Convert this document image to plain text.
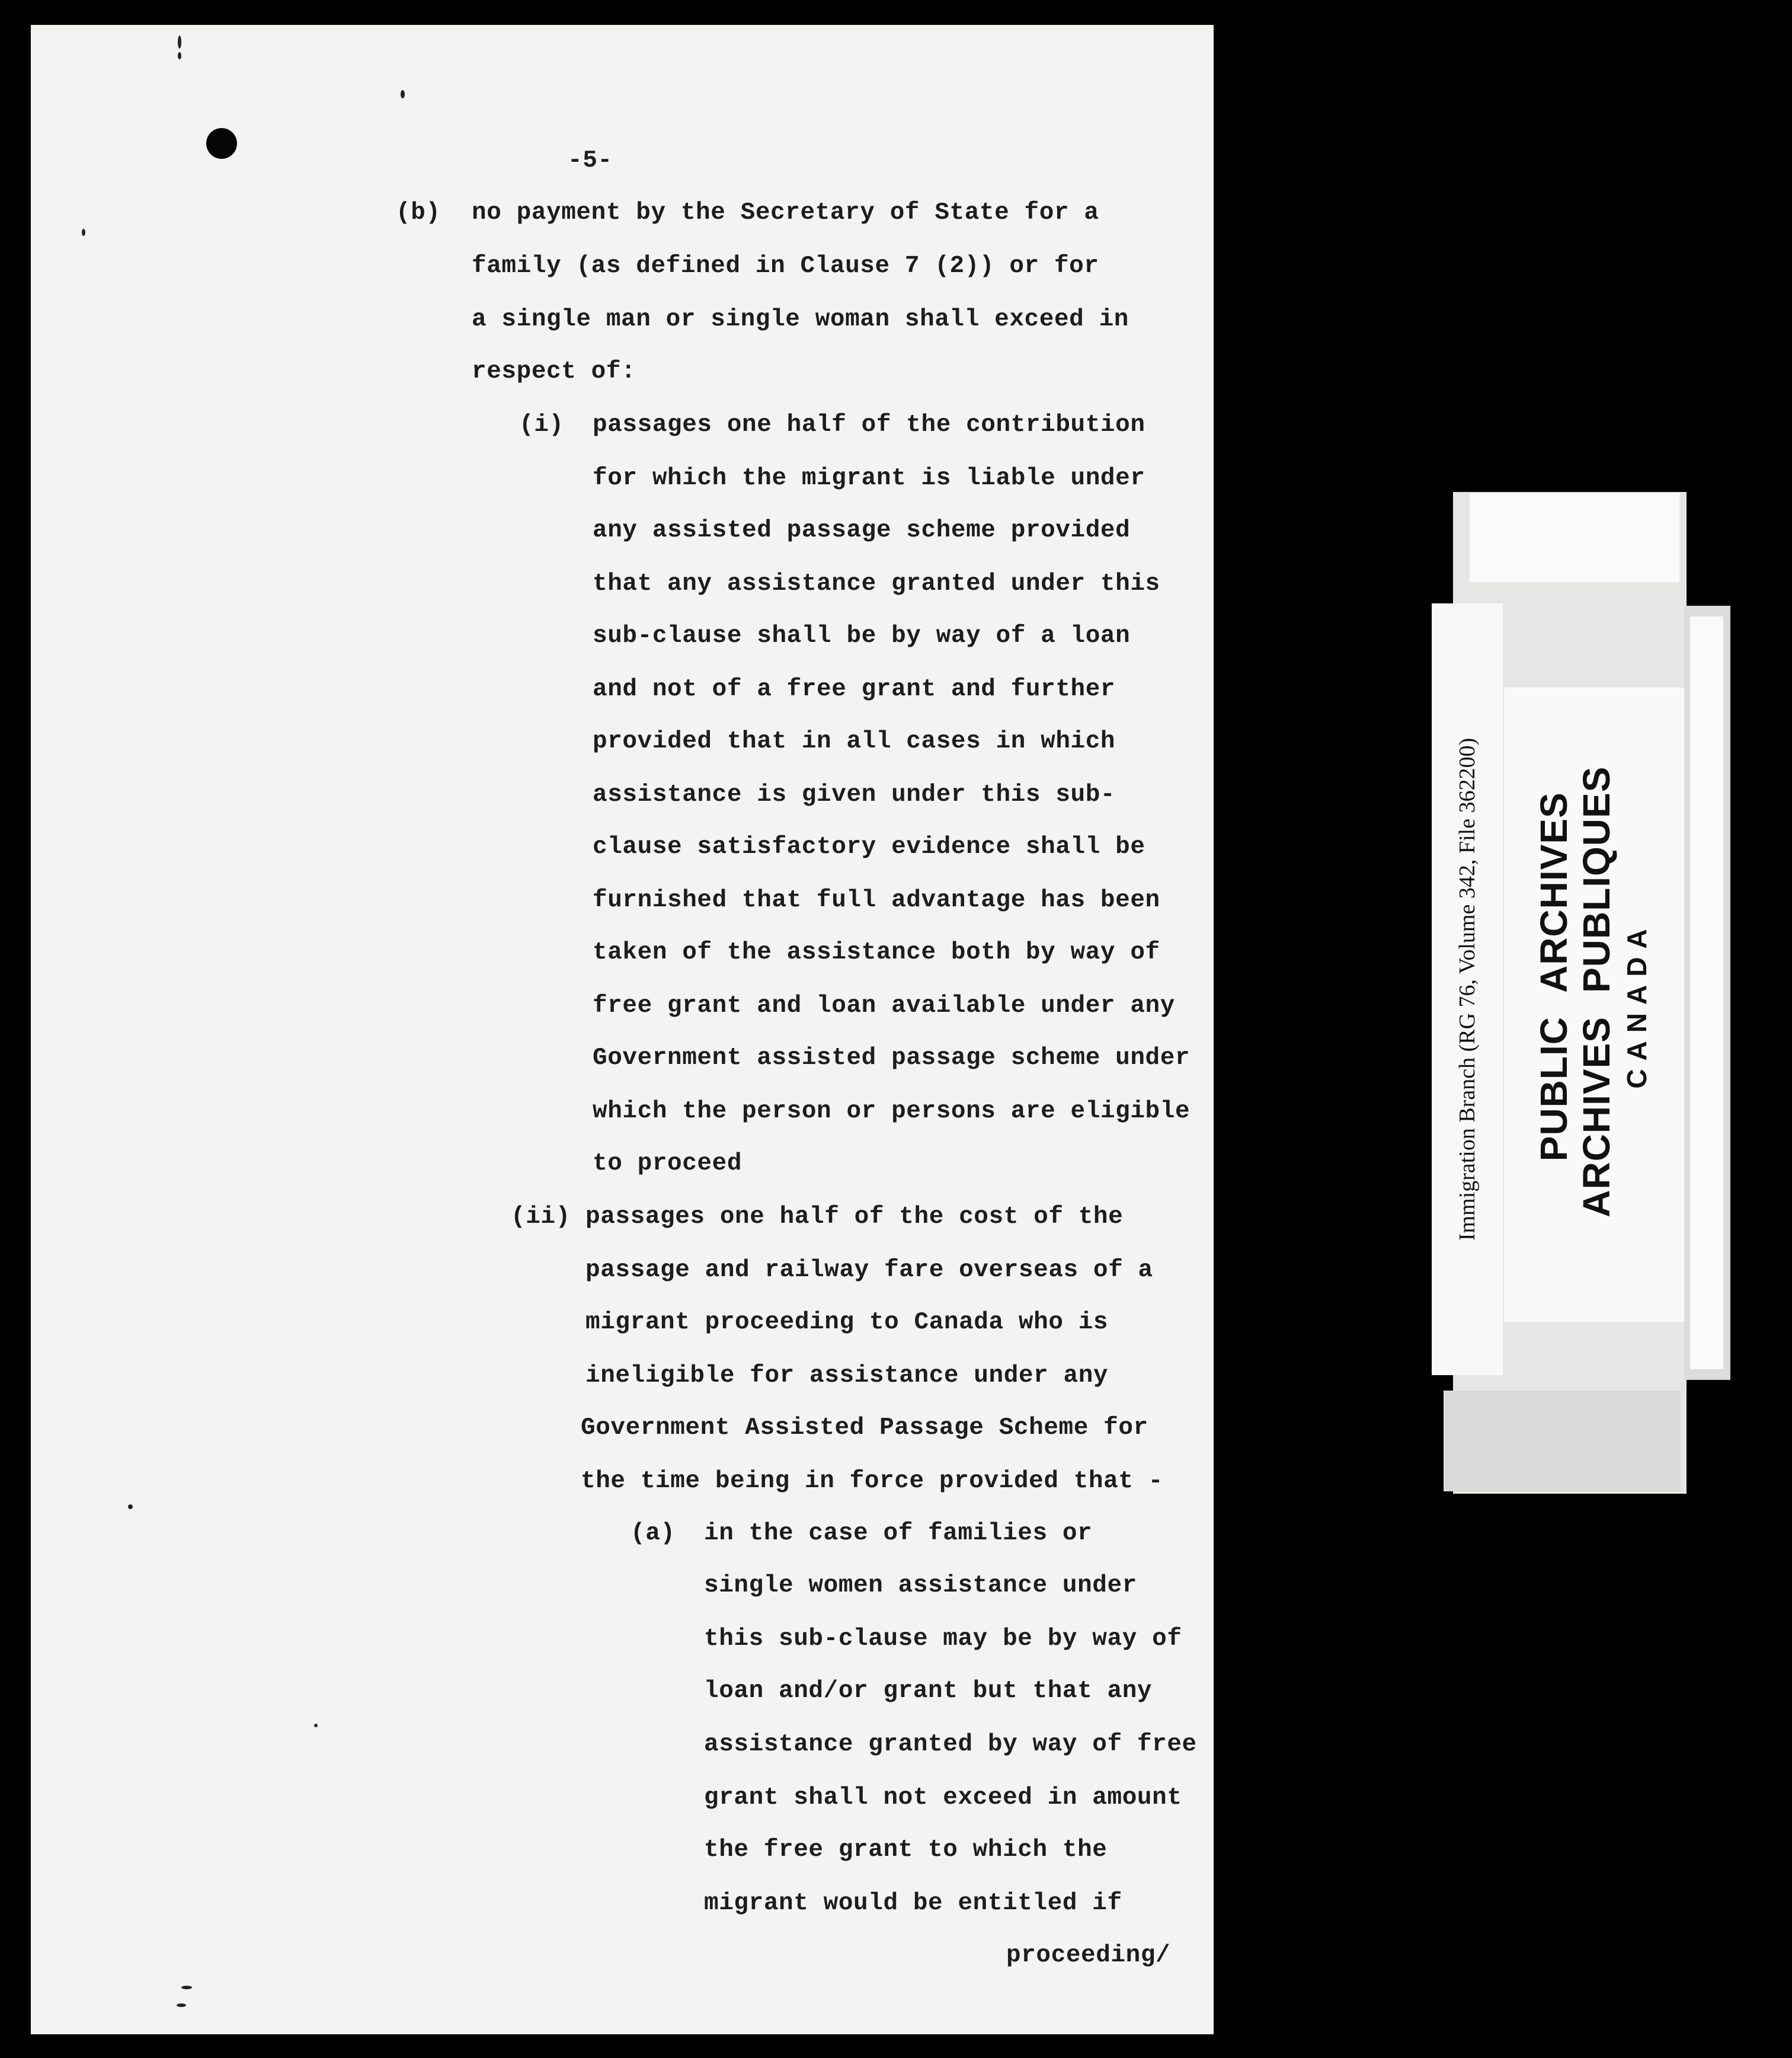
-5-
(b) no payment by the Secretary of State for a
family (as defined in Clause 7 (2)) or for
a single man or single woman shall exceed in
respect of:
(i) passages one half of the contribution
for which the migrant is liable under
any assisted passage scheme provided
that any assistance granted under this
sub-clause shall be by way of a loan
and not of a free grant and further
provided that in all cases in which
assistance is given under this sub-
clause satisfactory evidence shall be
furnished that full advantage has been
taken of the assistance both by way of
free grant and loan available under any
Government assisted passage scheme under
which the person or persons are eligible
to proceed
(ii) passages one half of the cost of the
passage and railway fare overseas of a
migrant proceeding to Canada who is
ineligible for assistance under any
Government Assisted Passage Scheme for
the time being in force provided that -
(a) in the case of families or
single women assistance under
this sub-clause may be by way of
loan and/or grant but that any
assistance granted by way of free
grant shall not exceed in amount
the free grant to which the
migrant would be entitled if
proceeding/
Immigration Branch (RG 76, Volume 342, File 362200) PUBLICARCHIVES
ARCHIVESPUBLIQUES
CANADA
